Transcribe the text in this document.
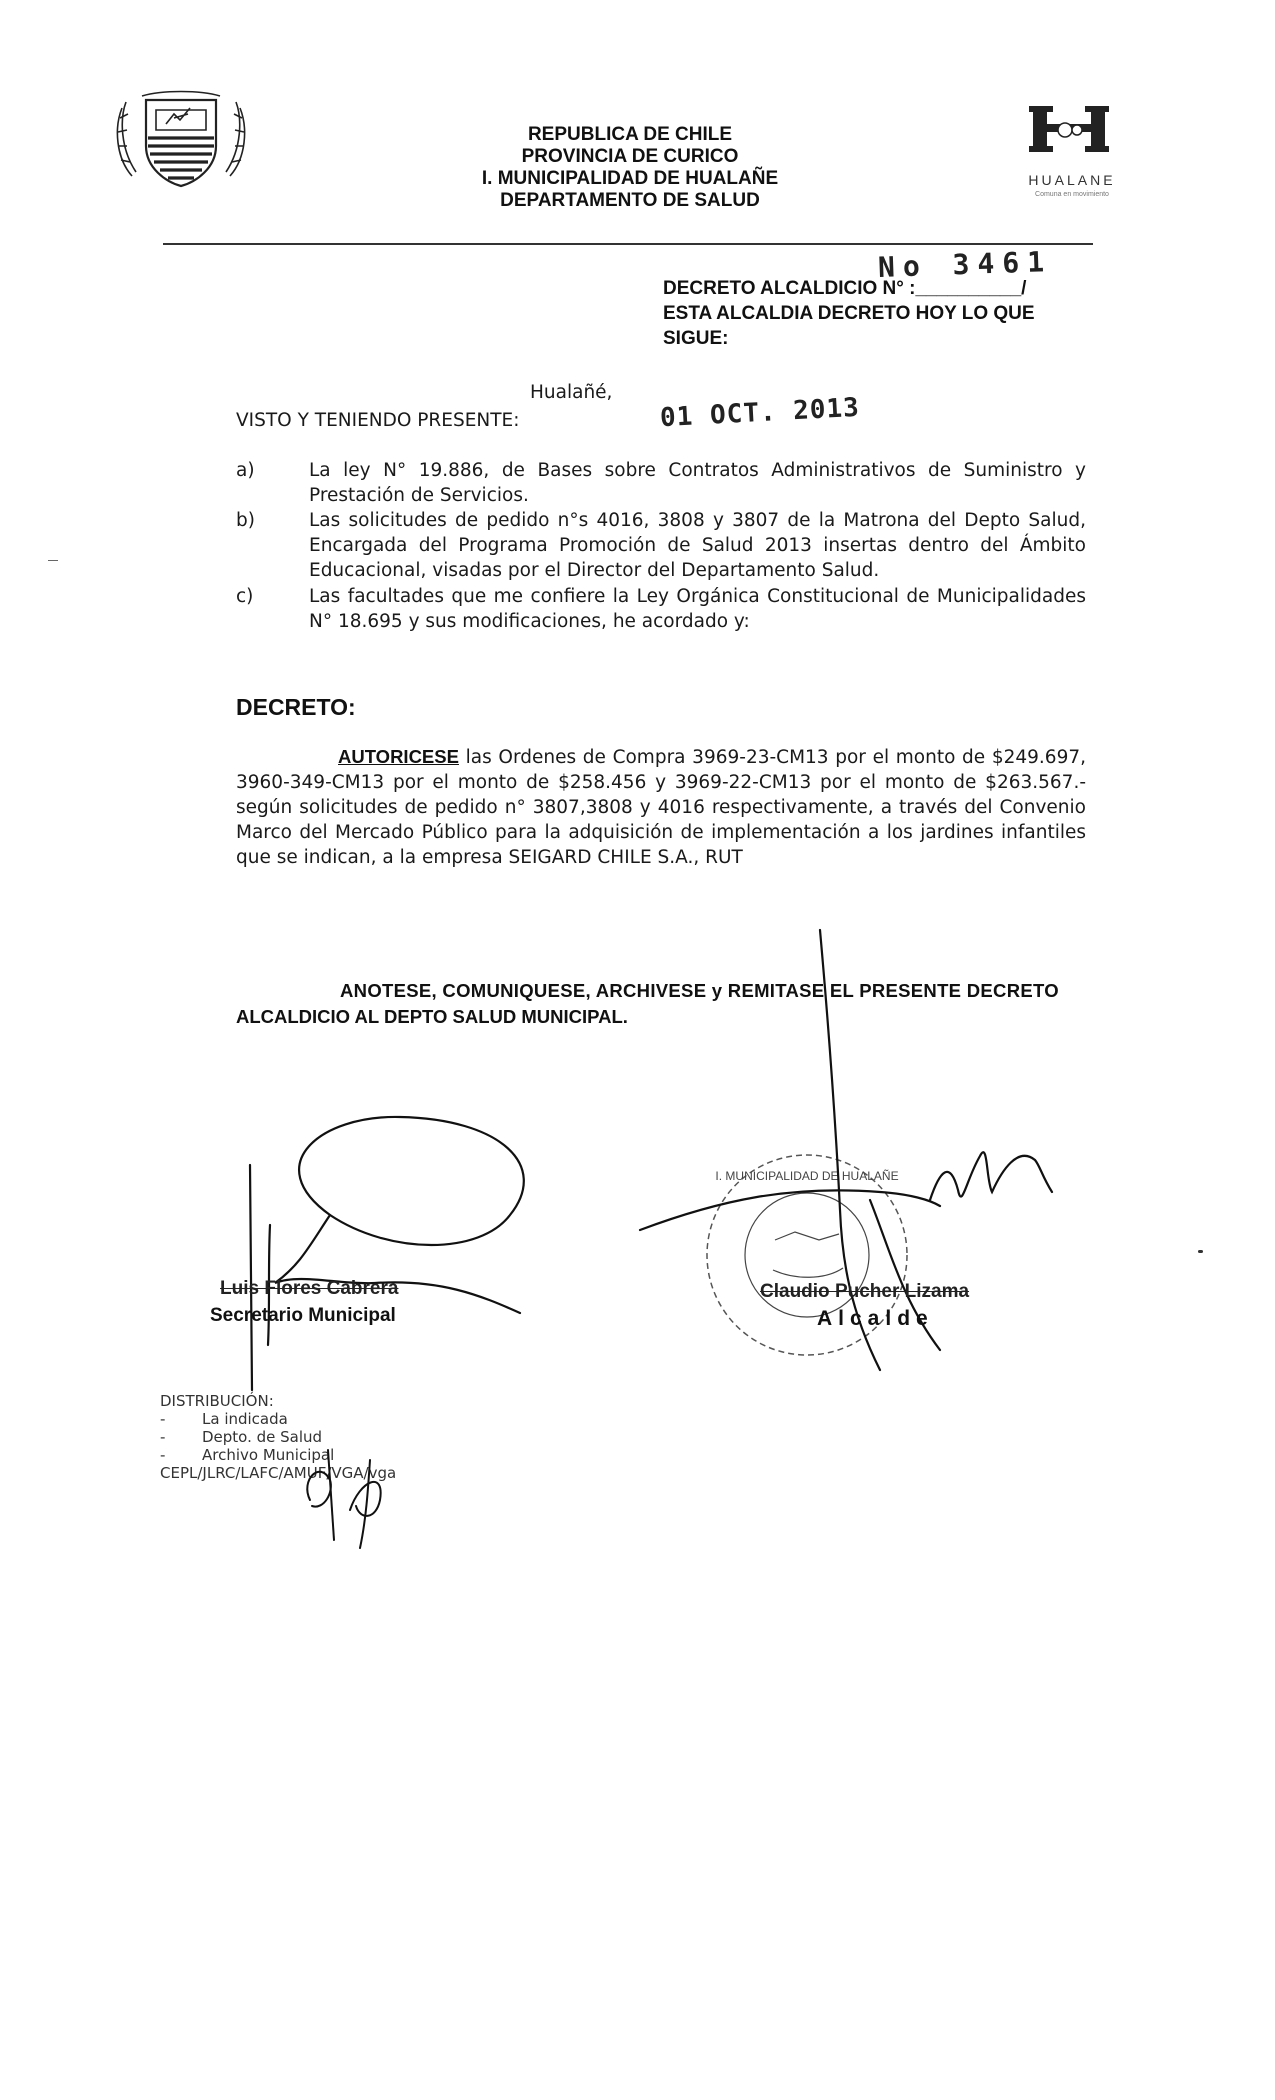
REPUBLICA DE CHILE
PROVINCIA DE CURICO
I. MUNICIPALIDAD DE HUALAÑE
DEPARTAMENTO DE SALUD
HUALANE
Comuna en movimiento
No 3461
DECRETO ALCALDICIO N° :__________/
ESTA ALCALDIA DECRETO HOY LO QUE
SIGUE:
Hualañé,
VISTO Y TENIENDO PRESENTE:	01 OCT. 2013
a)	La ley N° 19.886, de Bases sobre Contratos Administrativos de Suministro y Prestación de Servicios.
b)	Las solicitudes de pedido n°s 4016, 3808 y 3807 de la Matrona del Depto Salud, Encargada del Programa Promoción de Salud 2013 insertas dentro del Ámbito Educacional, visadas por el Director del Departamento Salud.
c)	Las facultades que me confiere la Ley Orgánica Constitucional de Municipalidades N° 18.695 y sus modificaciones, he acordado y:
DECRETO:
AUTORICESE las Ordenes de Compra 3969-23-CM13 por el monto de $249.697, 3960-349-CM13 por el monto de $258.456 y 3969-22-CM13 por el monto de $263.567.- según solicitudes de pedido n° 3807,3808 y 4016 respectivamente, a través del Convenio Marco del Mercado Público para la adquisición de implementación a los jardines infantiles que se indican, a la empresa SEIGARD CHILE S.A., RUT
ANOTESE, COMUNIQUESE, ARCHIVESE y REMITASE EL PRESENTE DECRETO
ALCALDICIO AL DEPTO SALUD MUNICIPAL.
Luis Flores Cabrera
Secretario Municipal
I. MUNICIPALIDAD DE HUALAÑE
Claudio Pucher Lizama
Alcalde
DISTRIBUCIÓN:
- La indicada
- Depto. de Salud
- Archivo Municipal
CEPL/JLRC/LAFC/AMUF/VGA/vga
